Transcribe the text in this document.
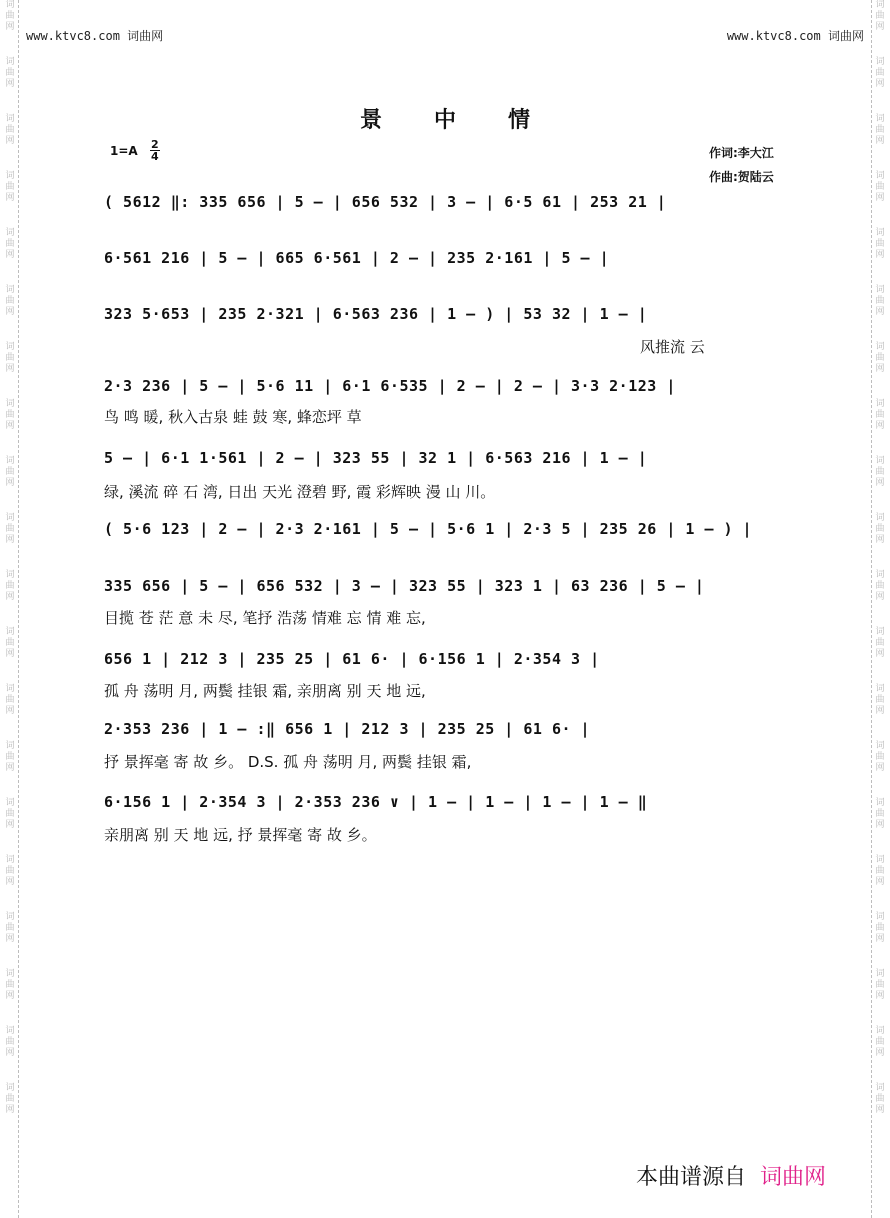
词
曲
网
词
曲
网
词
曲
网
词
曲
网
词
曲
网
词
曲
网
词
曲
网
词
曲
网
词
曲
网
词
曲
网
词
曲
网
词
曲
网
词
曲
网
词
曲
网
词
曲
网
词
曲
网
词
曲
网
词
曲
网
词
曲
网
词
曲
网
词
曲
网
词
曲
网
词
曲
网
词
曲
网
词
曲
网
词
曲
网
词
曲
网
词
曲
网
词
曲
网
词
曲
网
词
曲
网
词
曲
网
词
曲
网
词
曲
网
词
曲
网
词
曲
网
词
曲
网
词
曲
网
词
曲
网
词
曲
网
www.ktvc8.com 词曲网	www.ktvc8.com 词曲网
景中情
1=A 2
4	作词:李大江
作曲:贺陆云
( 5612 ‖: 335 656 | 5 — | 656 532 | 3 — | 6·5 61 | 253 21 |
6·561 216 | 5 — | 665 6·561 | 2 — | 235 2·161 | 5 — |
323 5·653 | 235 2·321 | 6·563 236 | 1 — ) | 53 32 | 1 — |
风推流 云
2·3 236 | 5 — | 5·6 11 | 6·1 6·535 | 2 — | 2 — | 3·3 2·123 |
鸟 鸣 暖, 秋入古泉 蛙 鼓 寒, 蜂恋坪 草
5 — | 6·1 1·561 | 2 — | 323 55 | 32 1 | 6·563 216 | 1 — |
绿, 溪流 碎 石 湾, 日出 天光 澄碧 野, 霞 彩辉映 漫 山 川。
( 5·6 123 | 2 — | 2·3 2·161 | 5 — | 5·6 1 | 2·3 5 | 235 26 | 1 — ) |
335 656 | 5 — | 656 532 | 3 — | 323 55 | 323 1 | 63 236 | 5 — |
目揽 苍 茫 意 未 尽, 笔抒 浩荡 情难 忘 情 难 忘,
656 1 | 212 3 | 235 25 | 61 6· | 6·156 1 | 2·354 3 |
孤 舟 荡明 月, 两鬓 挂银 霜, 亲朋离 别 天 地 远,
2·353 236 | 1 — :‖ 656 1 | 212 3 | 235 25 | 61 6· |
抒 景挥毫 寄 故 乡。 D.S. 孤 舟 荡明 月, 两鬓 挂银 霜,
6·156 1 | 2·354 3 | 2·353 236 ∨ | 1 — | 1 — | 1 — | 1 — ‖
亲朋离 别 天 地 远, 抒 景挥毫 寄 故 乡。
本曲谱源自 词曲网
